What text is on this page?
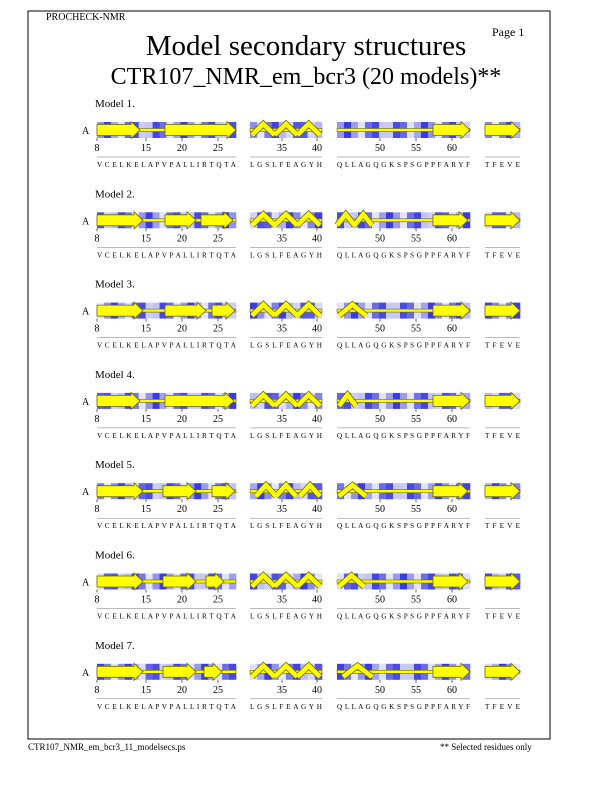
Model 1.
A
8	15	20	25
V C E L K E L A P V P A L L I R T Q T A
35	40
L G S L F E A G Y H
50	55	60
Q L L A G Q G K S P S G P P F A R Y F T F E V E
Model 2.
A
8	15	20	25
V C E L K E L A P V P A L L I R T Q T A
35	40
L G S L F E A G Y H
50	55	60
Q L L A G Q G K S P S G P P F A R Y F T F E V E
Model 3.
A
8	15	20	25
V C E L K E L A P V P A L L I R T Q T A
35	40
L G S L F E A G Y H
50	55	60
Q L L A G Q G K S P S G P P F A R Y F T F E V E
Model 4.
A
8	15	20	25
V C E L K E L A P V P A L L I R T Q T A
35	40
L G S L F E A G Y H
50	55	60
Q L L A G Q G K S P S G P P F A R Y F T F E V E
Model 5.
A
8	15	20	25
V C E L K E L A P V P A L L I R T Q T A
35	40
L G S L F E A G Y H
50	55	60
Q L L A G Q G K S P S G P P F A R Y F T F E V E
Model 6.
A
8	15	20	25
V C E L K E L A P V P A L L I R T Q T A
35	40
L G S L F E A G Y H
50	55	60
Q L L A G Q G K S P S G P P F A R Y F T F E V E
Model 7.
A
8	15	20	25
V C E L K E L A P V P A L L I R T Q T A
35	40
L G S L F E A G Y H
50	55	60
Q L L A G Q G K S P S G P P F A R Y F T F E V E
PROCHECK-NMR
Page 1
Model secondary structures
CTR107_NMR_em_bcr3 (20 models)**
CTR107_NMR_em_bcr3_11_modelsecs.ps	** Selected residues only
